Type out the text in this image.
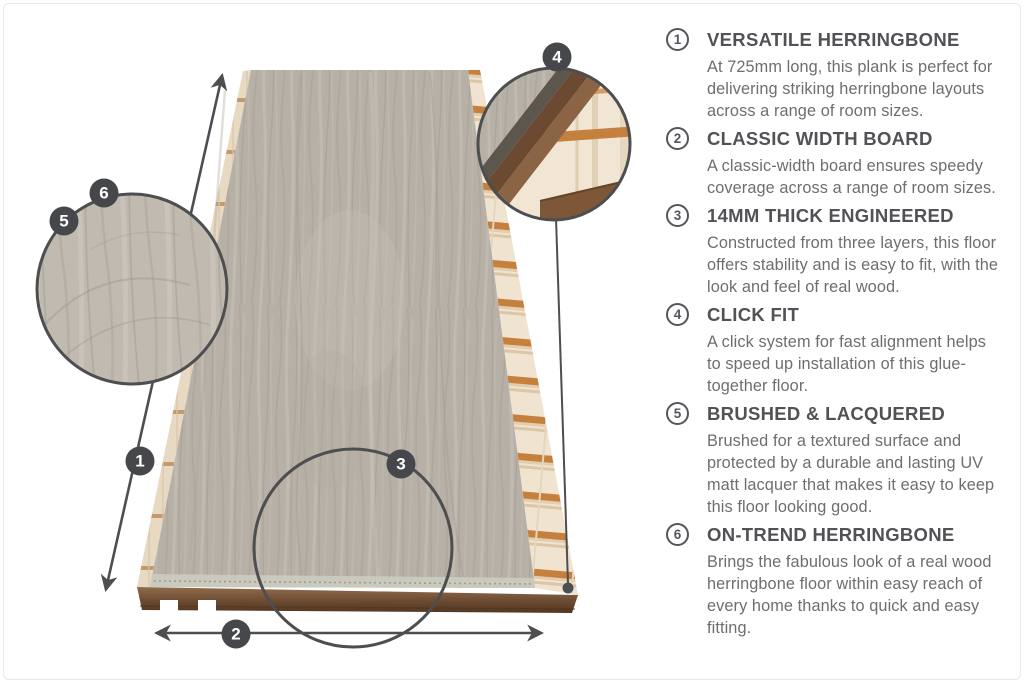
1
2
3
4
5
6
1 VERSATILE HERRINGBONE

At 725mm long, this plank is perfect for delivering striking herringbone layouts across a range of room sizes.

2 CLASSIC WIDTH BOARD

A classic-width board ensures speedy coverage across a range of room sizes.

3 14MM THICK ENGINEERED

Constructed from three layers, this floor offers stability and is easy to fit, with the look and feel of real wood.

4 CLICK FIT

A click system for fast alignment helps to speed up installation of this glue-together floor.

5 BRUSHED & LACQUERED

Brushed for a textured surface and protected by a durable and lasting UV matt lacquer that makes it easy to keep this floor looking good.

6 ON-TREND HERRINGBONE

Brings the fabulous look of a real wood herringbone floor within easy reach of every home thanks to quick and easy fitting.
